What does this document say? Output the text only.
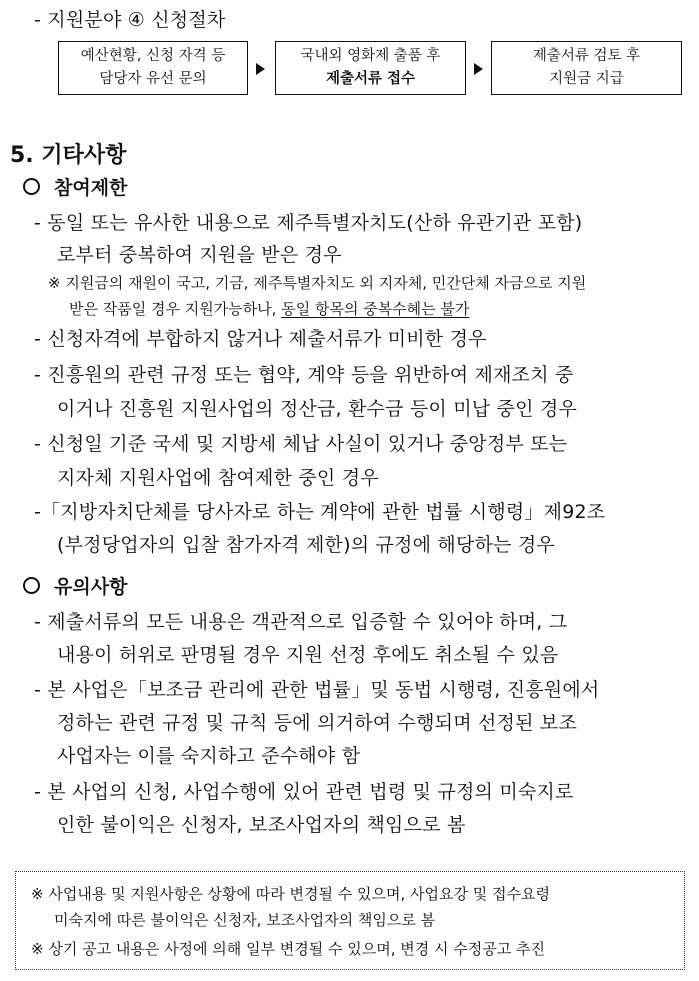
- 지원분야 ④ 신청절차
예산현황, 신청 자격 등
담당자 유선 문의
국내외 영화제 출품 후
제출서류 접수
제출서류 검토 후
지원금 지급
5. 기타사항
참여제한
- 동일 또는 유사한 내용으로 제주특별자치도(산하 유관기관 포함)
로부터 중복하여 지원을 받은 경우
※ 지원금의 재원이 국고, 기금, 제주특별자치도 외 지자체, 민간단체 자금으로 지원
받은 작품일 경우 지원가능하나, 동일 항목의 중복수혜는 불가
- 신청자격에 부합하지 않거나 제출서류가 미비한 경우
- 진흥원의 관련 규정 또는 협약, 계약 등을 위반하여 제재조치 중
이거나 진흥원 지원사업의 정산금, 환수금 등이 미납 중인 경우
- 신청일 기준 국세 및 지방세 체납 사실이 있거나 중앙정부 또는
지자체 지원사업에 참여제한 중인 경우
-「지방자치단체를 당사자로 하는 계약에 관한 법률 시행령」제92조
(부정당업자의 입찰 참가자격 제한)의 규정에 해당하는 경우
유의사항
- 제출서류의 모든 내용은 객관적으로 입증할 수 있어야 하며, 그
내용이 허위로 판명될 경우 지원 선정 후에도 취소될 수 있음
- 본 사업은「보조금 관리에 관한 법률」및 동법 시행령, 진흥원에서
정하는 관련 규정 및 규칙 등에 의거하여 수행되며 선정된 보조
사업자는 이를 숙지하고 준수해야 함
- 본 사업의 신청, 사업수행에 있어 관련 법령 및 규정의 미숙지로
인한 불이익은 신청자, 보조사업자의 책임으로 봄
※ 사업내용 및 지원사항은 상황에 따라 변경될 수 있으며, 사업요강 및 접수요령
미숙지에 따른 불이익은 신청자, 보조사업자의 책임으로 봄
※ 상기 공고 내용은 사정에 의해 일부 변경될 수 있으며, 변경 시 수정공고 추진
